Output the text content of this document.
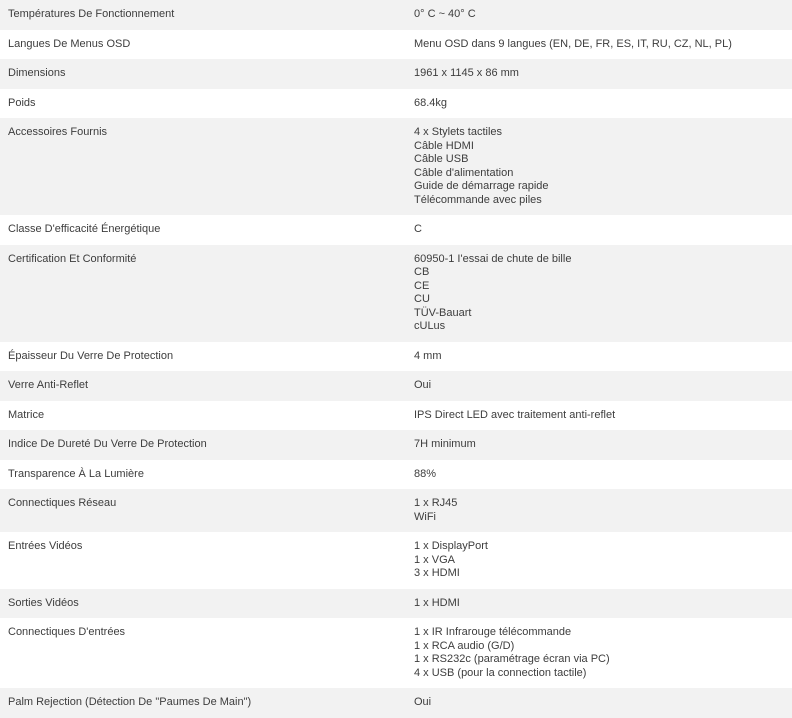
Températures De Fonctionnement	0° C ~ 40° C

Langues De Menus OSD	Menu OSD dans 9 langues (EN, DE, FR, ES, IT, RU, CZ, NL, PL)

Dimensions	1961 x 1145 x 86 mm

Poids	68.4kg

Accessoires Fournis	4 x Stylets tactiles
Câble HDMI
Câble USB
Câble d'alimentation
Guide de démarrage rapide
Télécommande avec piles

Classe D'efficacité Énergétique	C

Certification Et Conformité	60950-1 I'essai de chute de bille
CB
CE
CU
TÜV-Bauart
cULus

Épaisseur Du Verre De Protection	4 mm

Verre Anti-Reflet	Oui

Matrice	IPS Direct LED avec traitement anti-reflet

Indice De Dureté Du Verre De Protection	7H minimum

Transparence À La Lumière	88%

Connectiques Réseau	1 x RJ45
WiFi

Entrées Vidéos	1 x DisplayPort
1 x VGA
3 x HDMI

Sorties Vidéos	1 x HDMI

Connectiques D'entrées	1 x IR Infrarouge télécommande
1 x RCA audio (G/D)
1 x RS232c (paramétrage écran via PC)
4 x USB (pour la connection tactile)

Palm Rejection (Détection De "Paumes De Main")	Oui
